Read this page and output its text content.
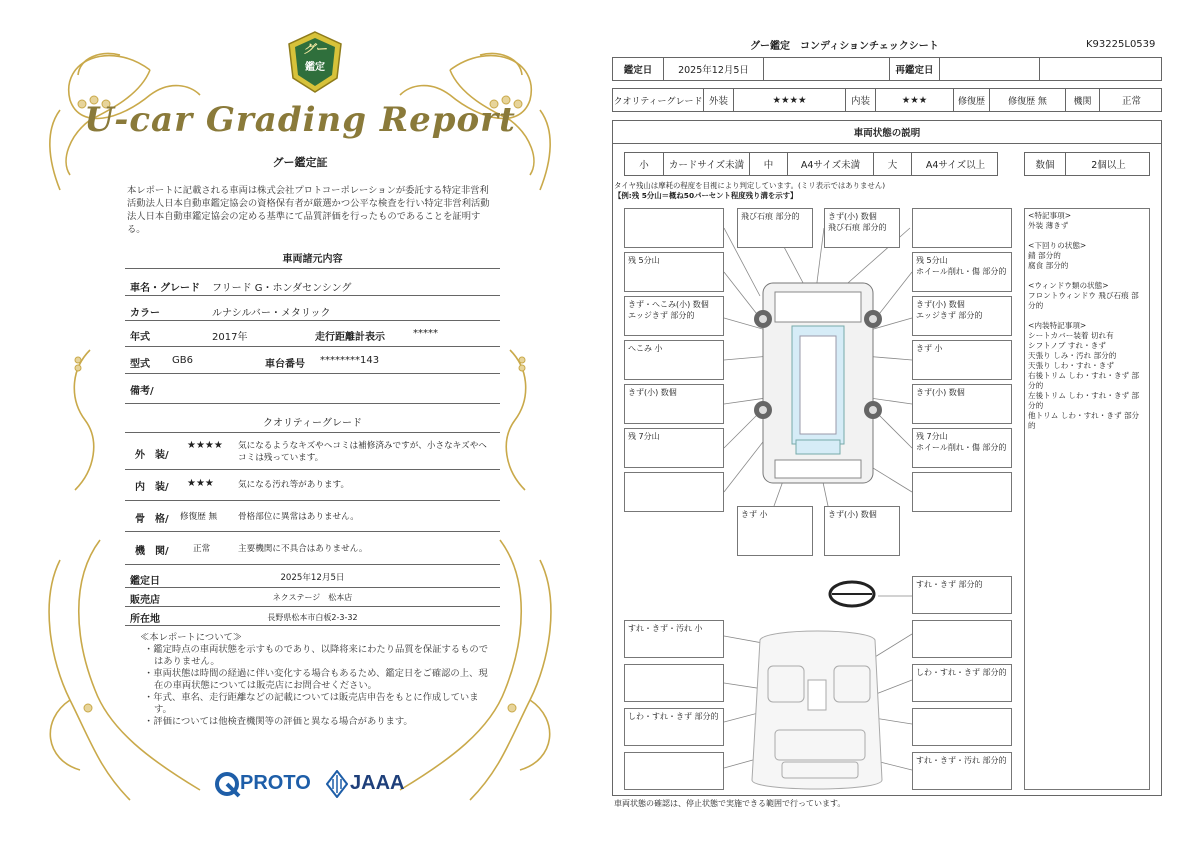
グー
鑑定
U-car Grading Report
グー鑑定証
本レポートに記載される車両は株式会社プロトコーポレーションが委託する特定非営利活動法人日本自動車鑑定協会の資格保有者が厳選かつ公平な検査を行い特定非営利活動法人日本自動車鑑定協会の定める基準にて品質評価を行ったものであることを証明する。
車両諸元内容
車名・グレード フリード G・ホンダセンシング
カラー	ルナシルバー・メタリック
年式	2017年	走行距離計表示	*****
型式 GB6	車台番号 ********143
備考/
クオリティーグレード
外　装/
★★★★ 気になるようなキズやヘコミは補修済みですが、小さなキズやヘコミは残っています。
内　装/ ★★★	気になる汚れ等があります。
骨　格/ 修復歴 無 骨格部位に異常はありません。
機　関/	正常	主要機関に不具合はありません。
鑑定日	2025年12月5日
販売店	ネクステージ　松本店
所在地	長野県松本市白板2-3-32
≪本レポートについて≫
・鑑定時点の車両状態を示すものであり、以降将来にわたり品質を保証するものではありません。
・車両状態は時間の経過に伴い変化する場合もあるため、鑑定日をご確認の上、現在の車両状態については販売店にお問合せください。
・年式、車名、走行距離などの記載については販売店申告をもとに作成しています。
・評価については他検査機関等の評価と異なる場合があります。
PROTO JAAA
グー鑑定　コンディションチェックシート	K93225L0539
鑑定日	2025年12月5日	再鑑定日
クオリティーグレード 外装	★★★★	内装	★★★	修復歴	修復歴 無	機関	正常
車両状態の説明
小	カードサイズ未満	中	A4サイズ未満	大	A4サイズ以上	数個	2個以上
タイヤ残山は摩耗の程度を目視により判定しています。(ミリ表示ではありません)
【例:残 5分山＝概ね50パーセント程度残り溝を示す】
飛び石痕 部分的	きず(小) 数個
飛び石痕 部分的
残 5分山	残 5分山
ホイール削れ・傷 部分的
きず・へこみ(小) 数個
エッジきず 部分的
きず(小) 数個
エッジきず 部分的
へこみ 小	きず 小
きず(小) 数個	きず(小) 数個
残 7分山	残 7分山
ホイール削れ・傷 部分的
きず 小	きず(小) 数個
すれ・きず 部分的
すれ・きず・汚れ 小
しわ・すれ・きず 部分的
しわ・すれ・きず 部分的
すれ・きず・汚れ 部分的
<特記事項>
外装 薄きず
<下回りの状態>
錆 部分的
腐食 部分的
<ウィンドウ類の状態>
フロントウィンドウ 飛び石痕 部分的
<内装特記事項>
シートカバー装着 切れ有
シフトノブ すれ・きず
天張り しみ・汚れ 部分的
天張り しわ・すれ・きず
右後トリム しわ・すれ・きず 部分的
左後トリム しわ・すれ・きず 部分的
他トリム しわ・すれ・きず 部分的
車両状態の確認は、停止状態で実施できる範囲で行っています。
